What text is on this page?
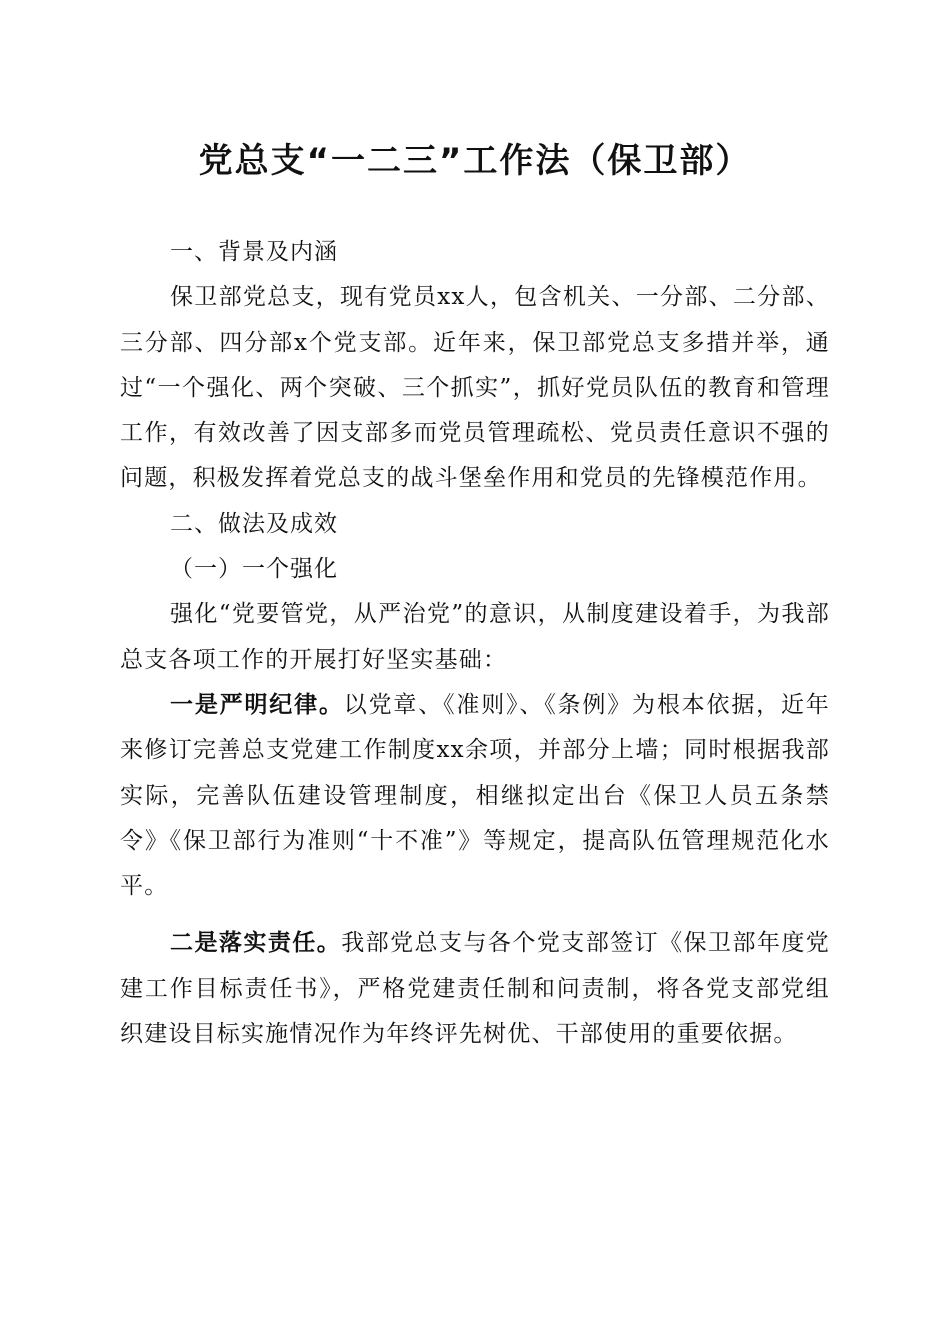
党总支“一二三”工作法（保卫部）

一、背景及内涵

保卫部党总支，现有党员xx人，包含机关、一分部、二分部、三分部、四分部x个党支部。近年来，保卫部党总支多措并举，通过“一个强化、两个突破、三个抓实”，抓好党员队伍的教育和管理工作，有效改善了因支部多而党员管理疏松、党员责任意识不强的问题，积极发挥着党总支的战斗堡垒作用和党员的先锋模范作用。

二、做法及成效

（一）一个强化

强化“党要管党，从严治党”的意识，从制度建设着手，为我部总支各项工作的开展打好坚实基础：

一是严明纪律。以党章、《准则》、《条例》为根本依据，近年来修订完善总支党建工作制度xx余项，并部分上墙；同时根据我部实际，完善队伍建设管理制度，相继拟定出台《保卫人员五条禁令》《保卫部行为准则“十不准”》等规定，提高队伍管理规范化水平。

二是落实责任。我部党总支与各个党支部签订《保卫部年度党建工作目标责任书》，严格党建责任制和问责制，将各党支部党组织建设目标实施情况作为年终评先树优、干部使用的重要依据。
